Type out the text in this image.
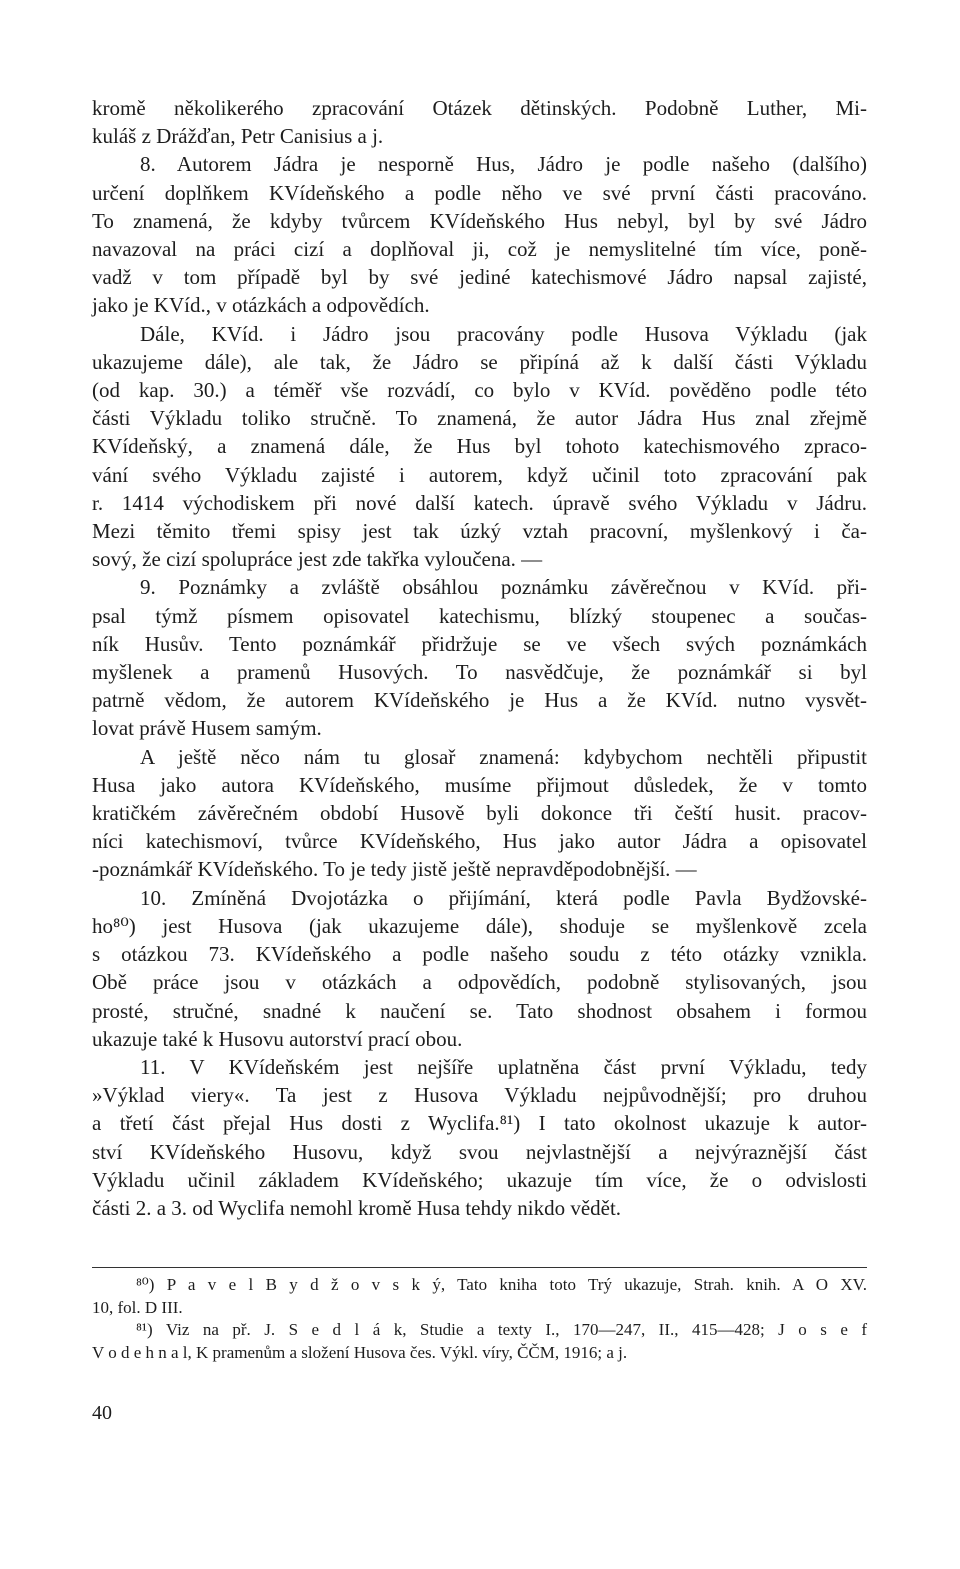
kromě několikerého zpracování Otázek dětinských. Podobně Luther, Mi-
kuláš z Drážďan, Petr Canisius a j.
8. Autorem Jádra je nesporně Hus, Jádro je podle našeho (dalšího)
určení doplňkem KVídeňského a podle něho ve své první části pracováno.
To znamená, že kdyby tvůrcem KVídeňského Hus nebyl, byl by své Jádro
navazoval na práci cizí a doplňoval ji, což je nemyslitelné tím více, poně-
vadž v tom případě byl by své jediné katechismové Jádro napsal zajisté,
jako je KVíd., v otázkách a odpovědích.
Dále, KVíd. i Jádro jsou pracovány podle Husova Výkladu (jak
ukazujeme dále), ale tak, že Jádro se připíná až k další části Výkladu
(od kap. 30.) a téměř vše rozvádí, co bylo v KVíd. pověděno podle této
části Výkladu toliko stručně. To znamená, že autor Jádra Hus znal zřejmě
KVídeňský, a znamená dále, že Hus byl tohoto katechismového zpraco-
vání svého Výkladu zajisté i autorem, když učinil toto zpracování pak
r. 1414 východiskem při nové další katech. úpravě svého Výkladu v Jádru.
Mezi těmito třemi spisy jest tak úzký vztah pracovní, myšlenkový i ča-
sový, že cizí spolupráce jest zde takřka vyloučena. —
9. Poznámky a zvláště obsáhlou poznámku závěrečnou v KVíd. při-
psal týmž písmem opisovatel katechismu, blízký stoupenec a součas-
ník Husův. Tento poznámkář přidržuje se ve všech svých poznámkách
myšlenek a pramenů Husových. To nasvědčuje, že poznámkář si byl
patrně vědom, že autorem KVídeňského je Hus a že KVíd. nutno vysvět-
lovat právě Husem samým.
A ještě něco nám tu glosař znamená: kdybychom nechtěli připustit
Husa jako autora KVídeňského, musíme přijmout důsledek, že v tomto
kratičkém závěrečném období Husově byli dokonce tři čeští husit. pracov-
níci katechismoví, tvůrce KVídeňského, Hus jako autor Jádra a opisovatel
-poznámkář KVídeňského. To je tedy jistě ještě nepravděpodobnější. —
10. Zmíněná Dvojotázka o přijímání, která podle Pavla Bydžovské-
ho⁸⁰) jest Husova (jak ukazujeme dále), shoduje se myšlenkově zcela
s otázkou 73. KVídeňského a podle našeho soudu z této otázky vznikla.
Obě práce jsou v otázkách a odpovědích, podobně stylisovaných, jsou
prosté, stručné, snadné k naučení se. Tato shodnost obsahem i formou
ukazuje také k Husovu autorství prací obou.
11. V KVídeňském jest nejšíře uplatněna část první Výkladu, tedy
»Výklad viery«. Ta jest z Husova Výkladu nejpůvodnější; pro druhou
a třetí část přejal Hus dosti z Wyclifa.⁸¹) I tato okolnost ukazuje k autor-
ství KVídeňského Husovu, když svou nejvlastnější a nejvýraznější část
Výkladu učinil základem KVídeňského; ukazuje tím více, že o odvislosti
části 2. a 3. od Wyclifa nemohl kromě Husa tehdy nikdo vědět.
⁸⁰) P a v e l B y d ž o v s k ý, Tato kniha toto Trý ukazuje, Strah. knih. A O XV.
10, fol. D III.
⁸¹) Viz na př. J. S e d l á k, Studie a texty I., 170—247, II., 415—428; J o s e f
V o d e h n a l, K pramenům a složení Husova čes. Výkl. víry, ČČM, 1916; a j.
40
